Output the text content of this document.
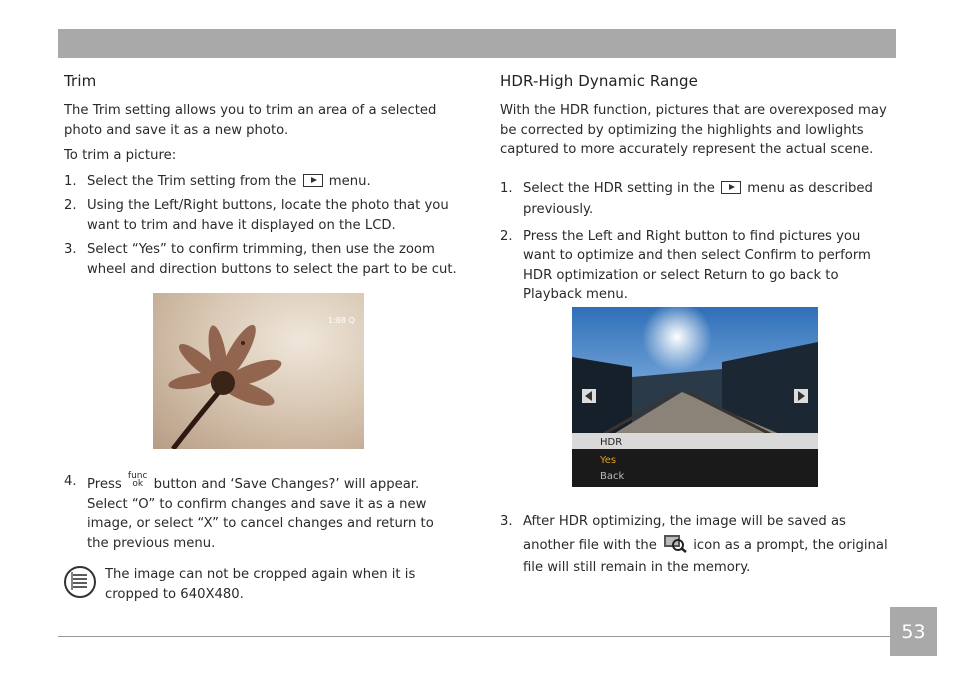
Trim

The Trim setting allows you to trim an area of a selected photo and save it as a new photo.

To trim a picture:

1. Select the Trim setting from the  menu.
2. Using the Left/Right buttons, locate the photo that you want to trim and have it displayed on the LCD.
3. Select “Yes” to confirm trimming, then use the zoom wheel and direction buttons to select the part to be cut.
1:88 Q
4. Press func
ok button and ‘Save Changes?’ will appear. Select “O” to confirm changes and save it as a new image, or select “X” to cancel changes and return to the previous menu.
The image can not be cropped again when it is cropped to 640X480.
HDR-High Dynamic Range

With the HDR function, pictures that are overexposed may be corrected by optimizing the highlights and lowlights captured to more accurately represent the actual scene.

1. Select the HDR setting in the  menu as described previously.
2. Press the Left and Right button to find pictures you want to optimize and then select Confirm to perform HDR optimization or select Return to go back to Playback menu.
HDR
Yes
Back
3. After HDR optimizing, the image will be saved as another file with the  icon as a prompt, the original file will still remain in the memory.
53
